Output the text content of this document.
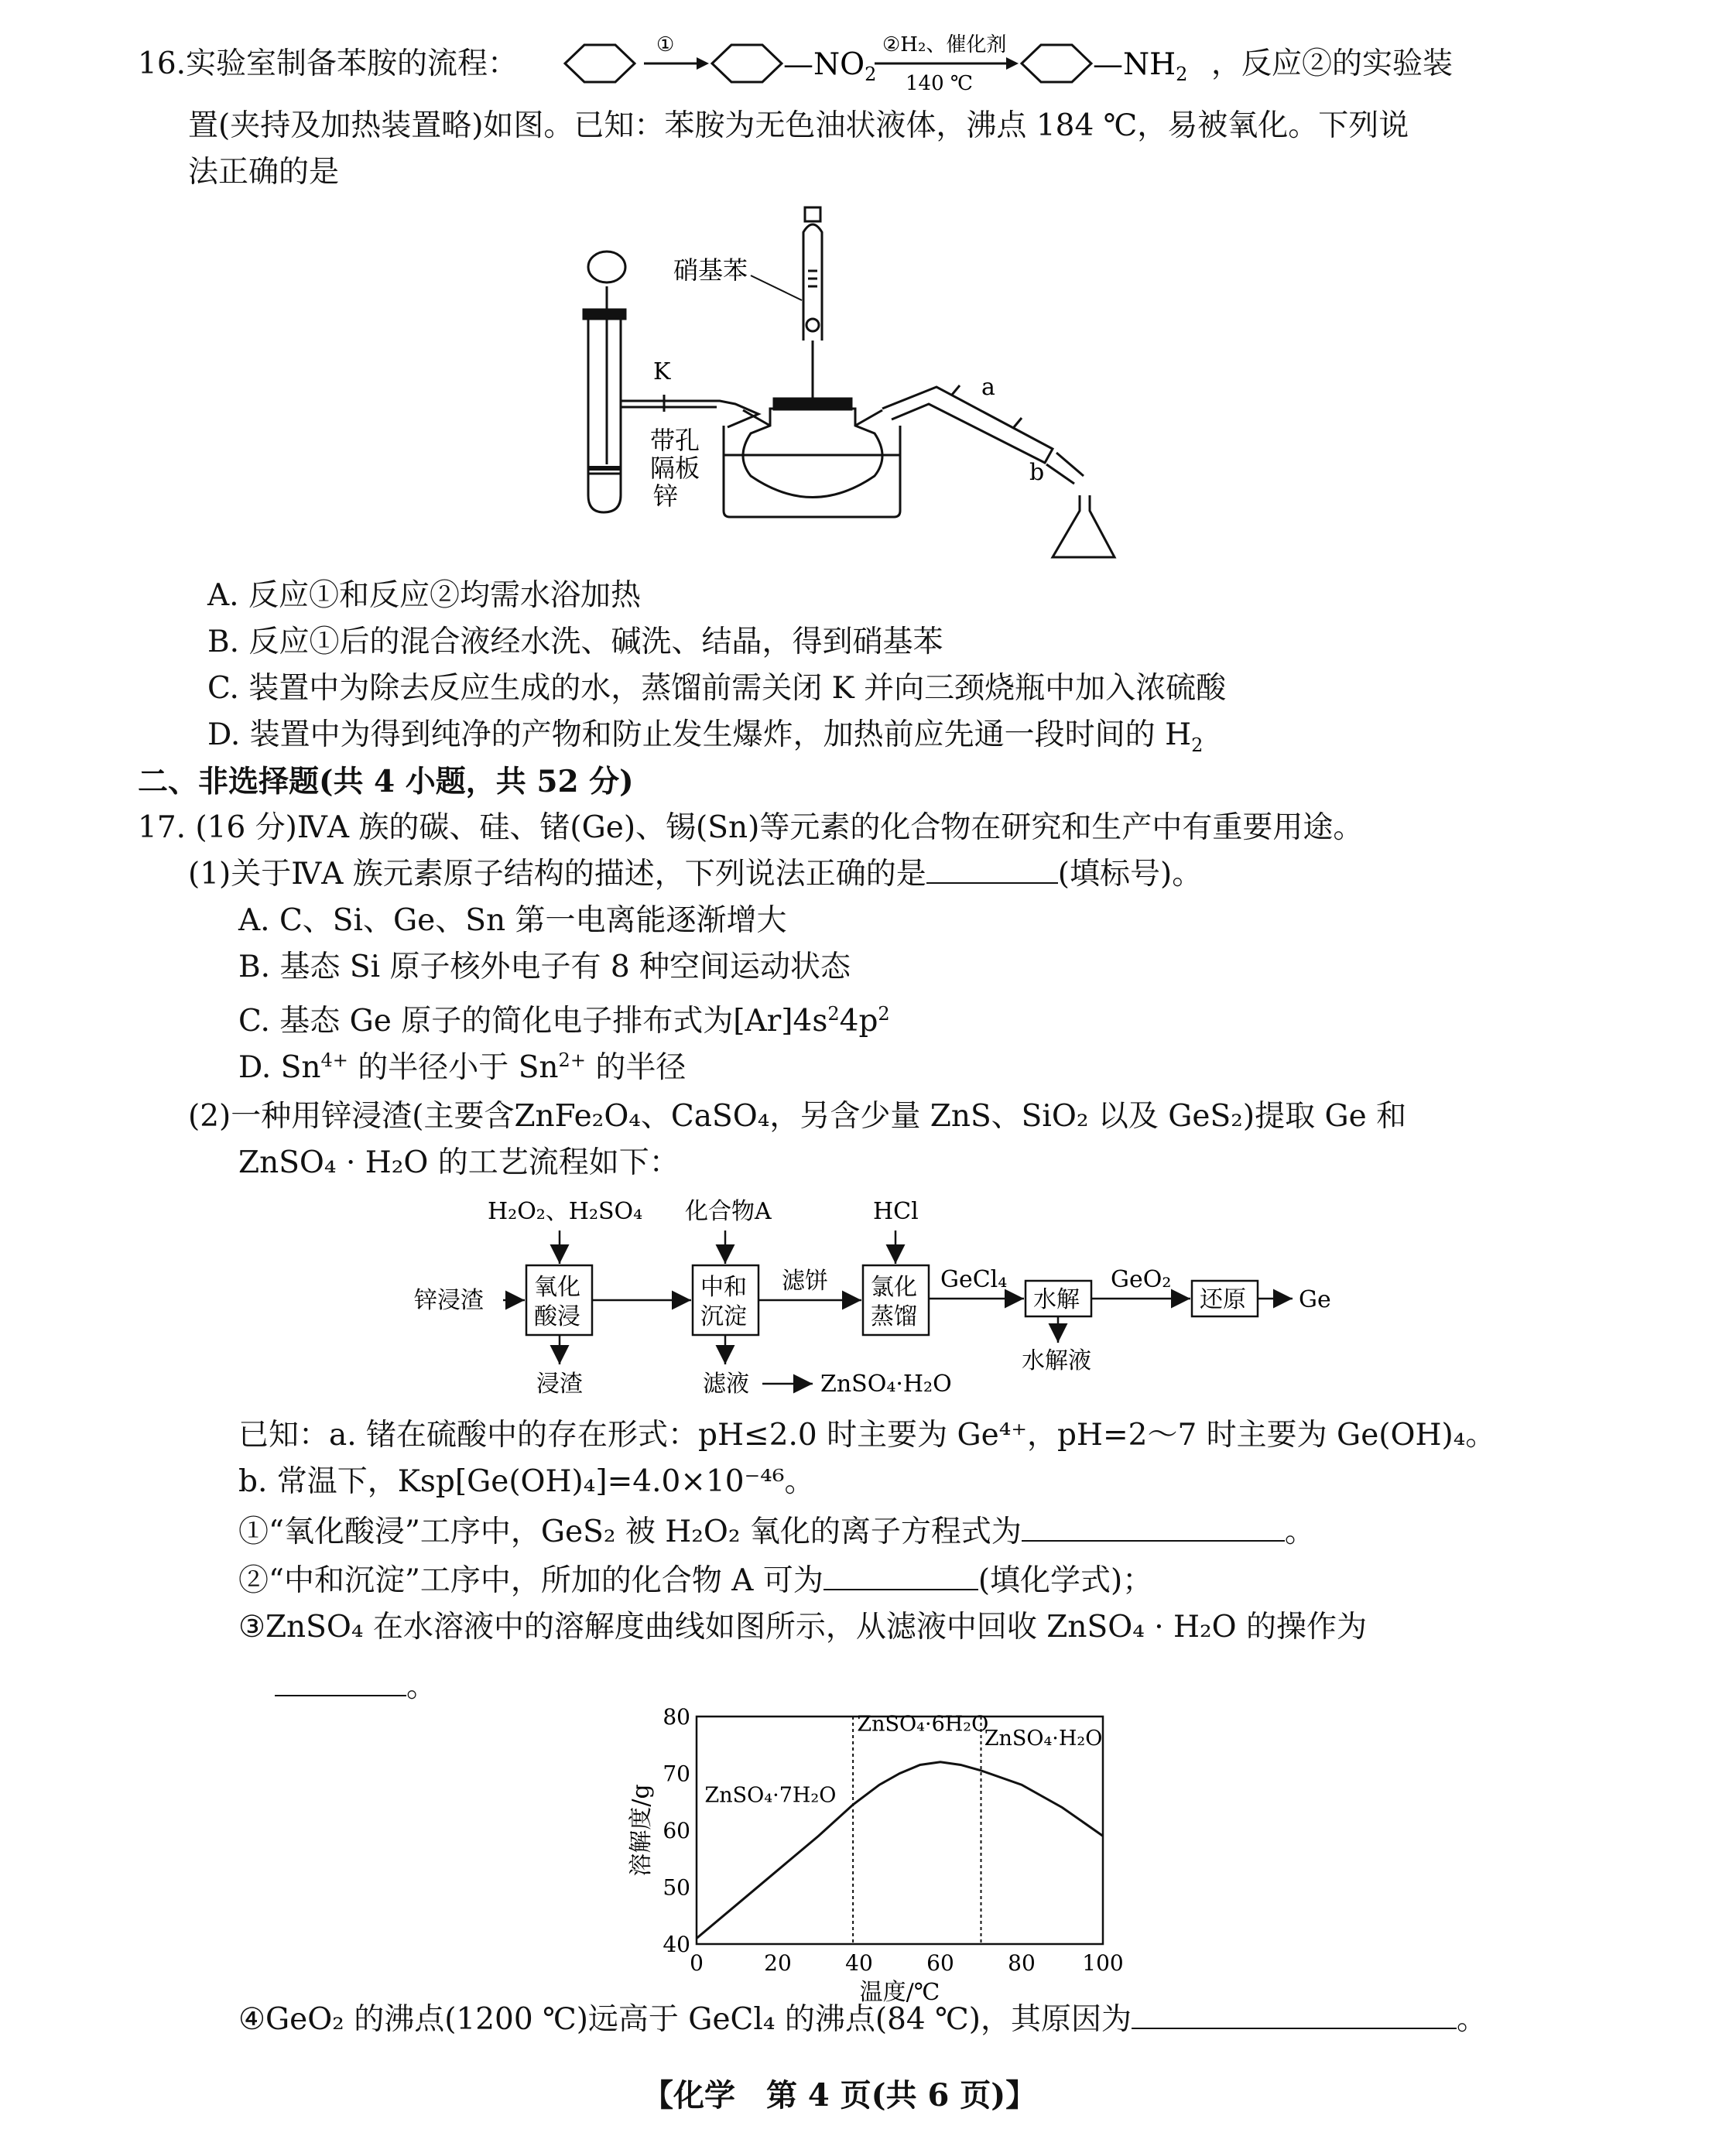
16.实验室制备苯胺的流程：
①
$—NO_2$
②H₂、催化剂
140 ℃
$—NH_2$ ，反应②的实验装
置(夹持及加热装置略)如图。已知：苯胺为无色油状液体，沸点 184 ℃，易被氧化。下列说
法正确的是
硝基苯
K
带孔
隔板
锌
a
b
A. 反应①和反应②均需水浴加热
B. 反应①后的混合液经水洗、碱洗、结晶，得到硝基苯
C. 装置中为除去反应生成的水，蒸馏前需关闭 K 并向三颈烧瓶中加入浓硫酸
D. 装置中为得到纯净的产物和防止发生爆炸，加热前应先通一段时间的 $H_2$
二、非选择题(共 4 小题，共 52 分)
17. (16 分)ⅣA 族的碳、硅、锗(Ge)、锡(Sn)等元素的化合物在研究和生产中有重要用途。
(1)关于ⅣA 族元素原子结构的描述，下列说法正确的是	(填标号)。
A. C、Si、Ge、Sn 第一电离能逐渐增大
B. 基态 Si 原子核外电子有 8 种空间运动状态
C. 基态 Ge 原子的简化电子排布式为$[Ar]4s^24p^2$
D. $Sn^{4+}$ 的半径小于 $Sn^{2+}$ 的半径
(2)一种用锌浸渣(主要含ZnFe₂O₄、CaSO₄，另含少量 ZnS、SiO₂ 以及 GeS₂)提取 Ge 和
ZnSO₄ · H₂O 的工艺流程如下：
H₂O₂、H₂SO₄ 化合物A	HCl
锌浸渣 氧化
酸浸
中和
沉淀
氯化
蒸馏
水解	还原
滤饼	GeCl₄	GeO₂
Ge
浸渣	滤液	ZnSO₄·H₂O
水解液
已知：a. 锗在硫酸中的存在形式：pH≤2.0 时主要为 Ge⁴⁺，pH=2～7 时主要为 Ge(OH)₄。
b. 常温下，Ksp[Ge(OH)₄]=4.0×10⁻⁴⁶。
①“氧化酸浸”工序中，GeS₂ 被 H₂O₂ 氧化的离子方程式为	。
②“中和沉淀”工序中，所加的化合物 A 可为	(填化学式)；
③ZnSO₄ 在水溶液中的溶解度曲线如图所示，从滤液中回收 ZnSO₄ · H₂O 的操作为
。
0	20 40 60 80 100
40
50
60
70
80
温度/℃
溶解度/g ZnSO₄·7H₂O
ZnSO₄·6H₂O
ZnSO₄·H₂O
④GeO₂ 的沸点(1200 ℃)远高于 GeCl₄ 的沸点(84 ℃)，其原因为	。
【化学　第 4 页(共 6 页)】
